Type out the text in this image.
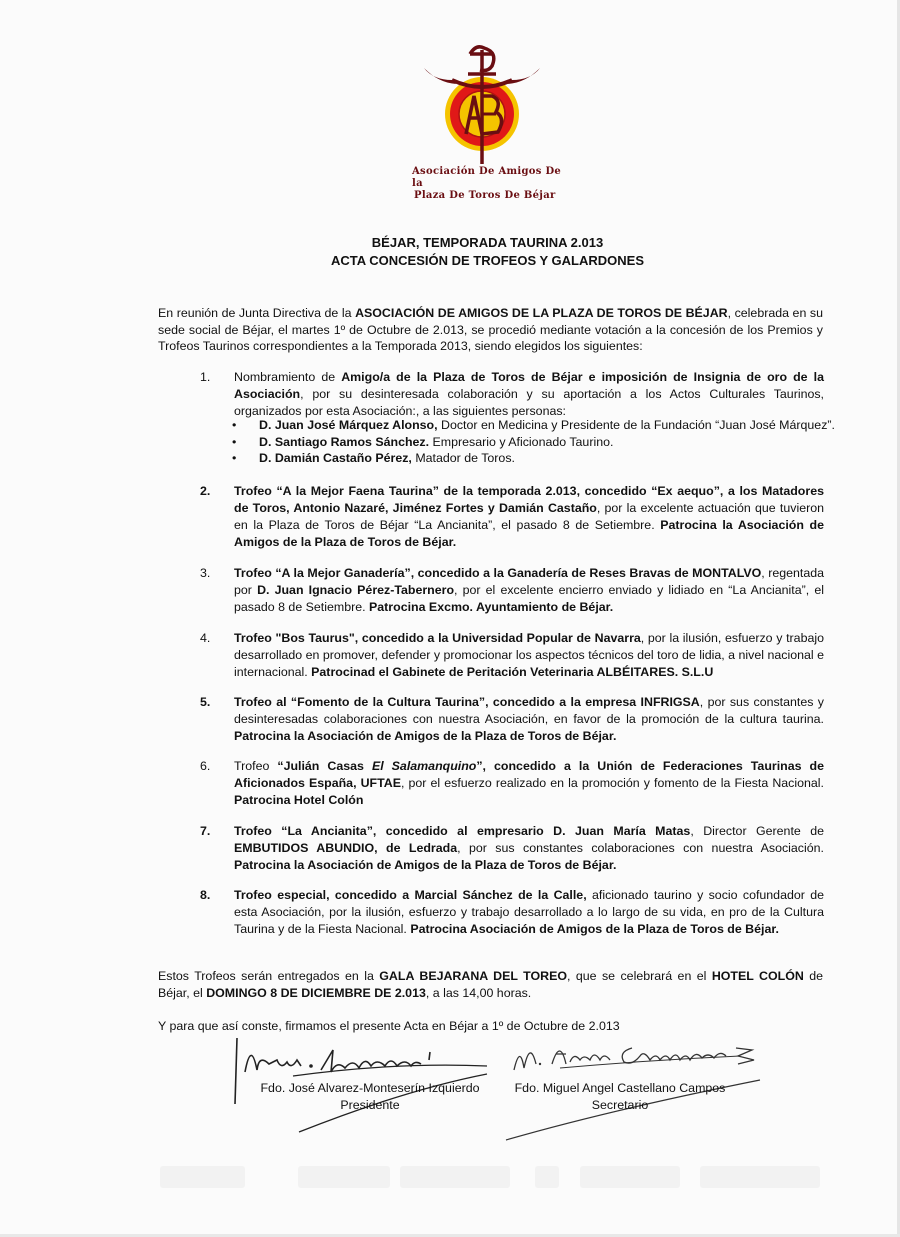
Asociación De Amigos De la
Plaza De Toros De Béjar
BÉJAR, TEMPORADA TAURINA 2.013
ACTA CONCESIÓN DE TROFEOS Y GALARDONES

En reunión de Junta Directiva de la ASOCIACIÓN DE AMIGOS DE LA PLAZA DE TOROS DE BÉJAR, celebrada en su sede social de Béjar, el martes 1º de Octubre de 2.013, se procedió mediante votación a la concesión de los Premios y Trofeos Taurinos correspondientes a la Temporada 2013, siendo elegidos los siguientes:

1.	Nombramiento de Amigo/a de la Plaza de Toros de Béjar e imposición de Insignia de oro de la Asociación, por su desinteresada colaboración y su aportación a los Actos Culturales Taurinos, organizados por esta Asociación:, a las siguientes personas:
• D. Juan José Márquez Alonso, Doctor en Medicina y Presidente de la Fundación “Juan José Márquez”.
• D. Santiago Ramos Sánchez. Empresario y Aficionado Taurino.
• D. Damián Castaño Pérez, Matador de Toros.
2.	Trofeo “A la Mejor Faena Taurina” de la temporada 2.013, concedido “Ex aequo”, a los Matadores de Toros, Antonio Nazaré, Jiménez Fortes y Damián Castaño, por la excelente actuación que tuvieron en la Plaza de Toros de Béjar “La Ancianita”, el pasado 8 de Setiembre. Patrocina la Asociación de Amigos de la Plaza de Toros de Béjar.
3.	Trofeo “A la Mejor Ganadería”, concedido a la Ganadería de Reses Bravas de MONTALVO, regentada por D. Juan Ignacio Pérez-Tabernero, por el excelente encierro enviado y lidiado en “La Ancianita”, el pasado 8 de Setiembre. Patrocina Excmo. Ayuntamiento de Béjar.
4.	Trofeo "Bos Taurus", concedido a la Universidad Popular de Navarra, por la ilusión, esfuerzo y trabajo desarrollado en promover, defender y promocionar los aspectos técnicos del toro de lidia, a nivel nacional e internacional. Patrocinad el Gabinete de Peritación Veterinaria ALBÉITARES. S.L.U
5.	Trofeo al “Fomento de la Cultura Taurina”, concedido a la empresa INFRIGSA, por sus constantes y desinteresadas colaboraciones con nuestra Asociación, en favor de la promoción de la cultura taurina. Patrocina la Asociación de Amigos de la Plaza de Toros de Béjar.
6.	Trofeo “Julián Casas El Salamanquino”, concedido a la Unión de Federaciones Taurinas de Aficionados España, UFTAE, por el esfuerzo realizado en la promoción y fomento de la Fiesta Nacional. Patrocina Hotel Colón
7.	Trofeo “La Ancianita”, concedido al empresario D. Juan María Matas, Director Gerente de EMBUTIDOS ABUNDIO, de Ledrada, por sus constantes colaboraciones con nuestra Asociación. Patrocina la Asociación de Amigos de la Plaza de Toros de Béjar.
8.	Trofeo especial, concedido a Marcial Sánchez de la Calle, aficionado taurino y socio cofundador de esta Asociación, por la ilusión, esfuerzo y trabajo desarrollado a lo largo de su vida, en pro de la Cultura Taurina y de la Fiesta Nacional. Patrocina Asociación de Amigos de la Plaza de Toros de Béjar.

Estos Trofeos serán entregados en la GALA BEJARANA DEL TOREO, que se celebrará en el HOTEL COLÓN de Béjar, el DOMINGO 8 DE DICIEMBRE DE 2.013, a las 14,00 horas.

Y para que así conste, firmamos el presente Acta en Béjar a 1º de Octubre de 2.013

Fdo. José Alvarez-Monteserín Izquierdo
Presidente
Fdo. Miguel Angel Castellano Campos
Secretario
